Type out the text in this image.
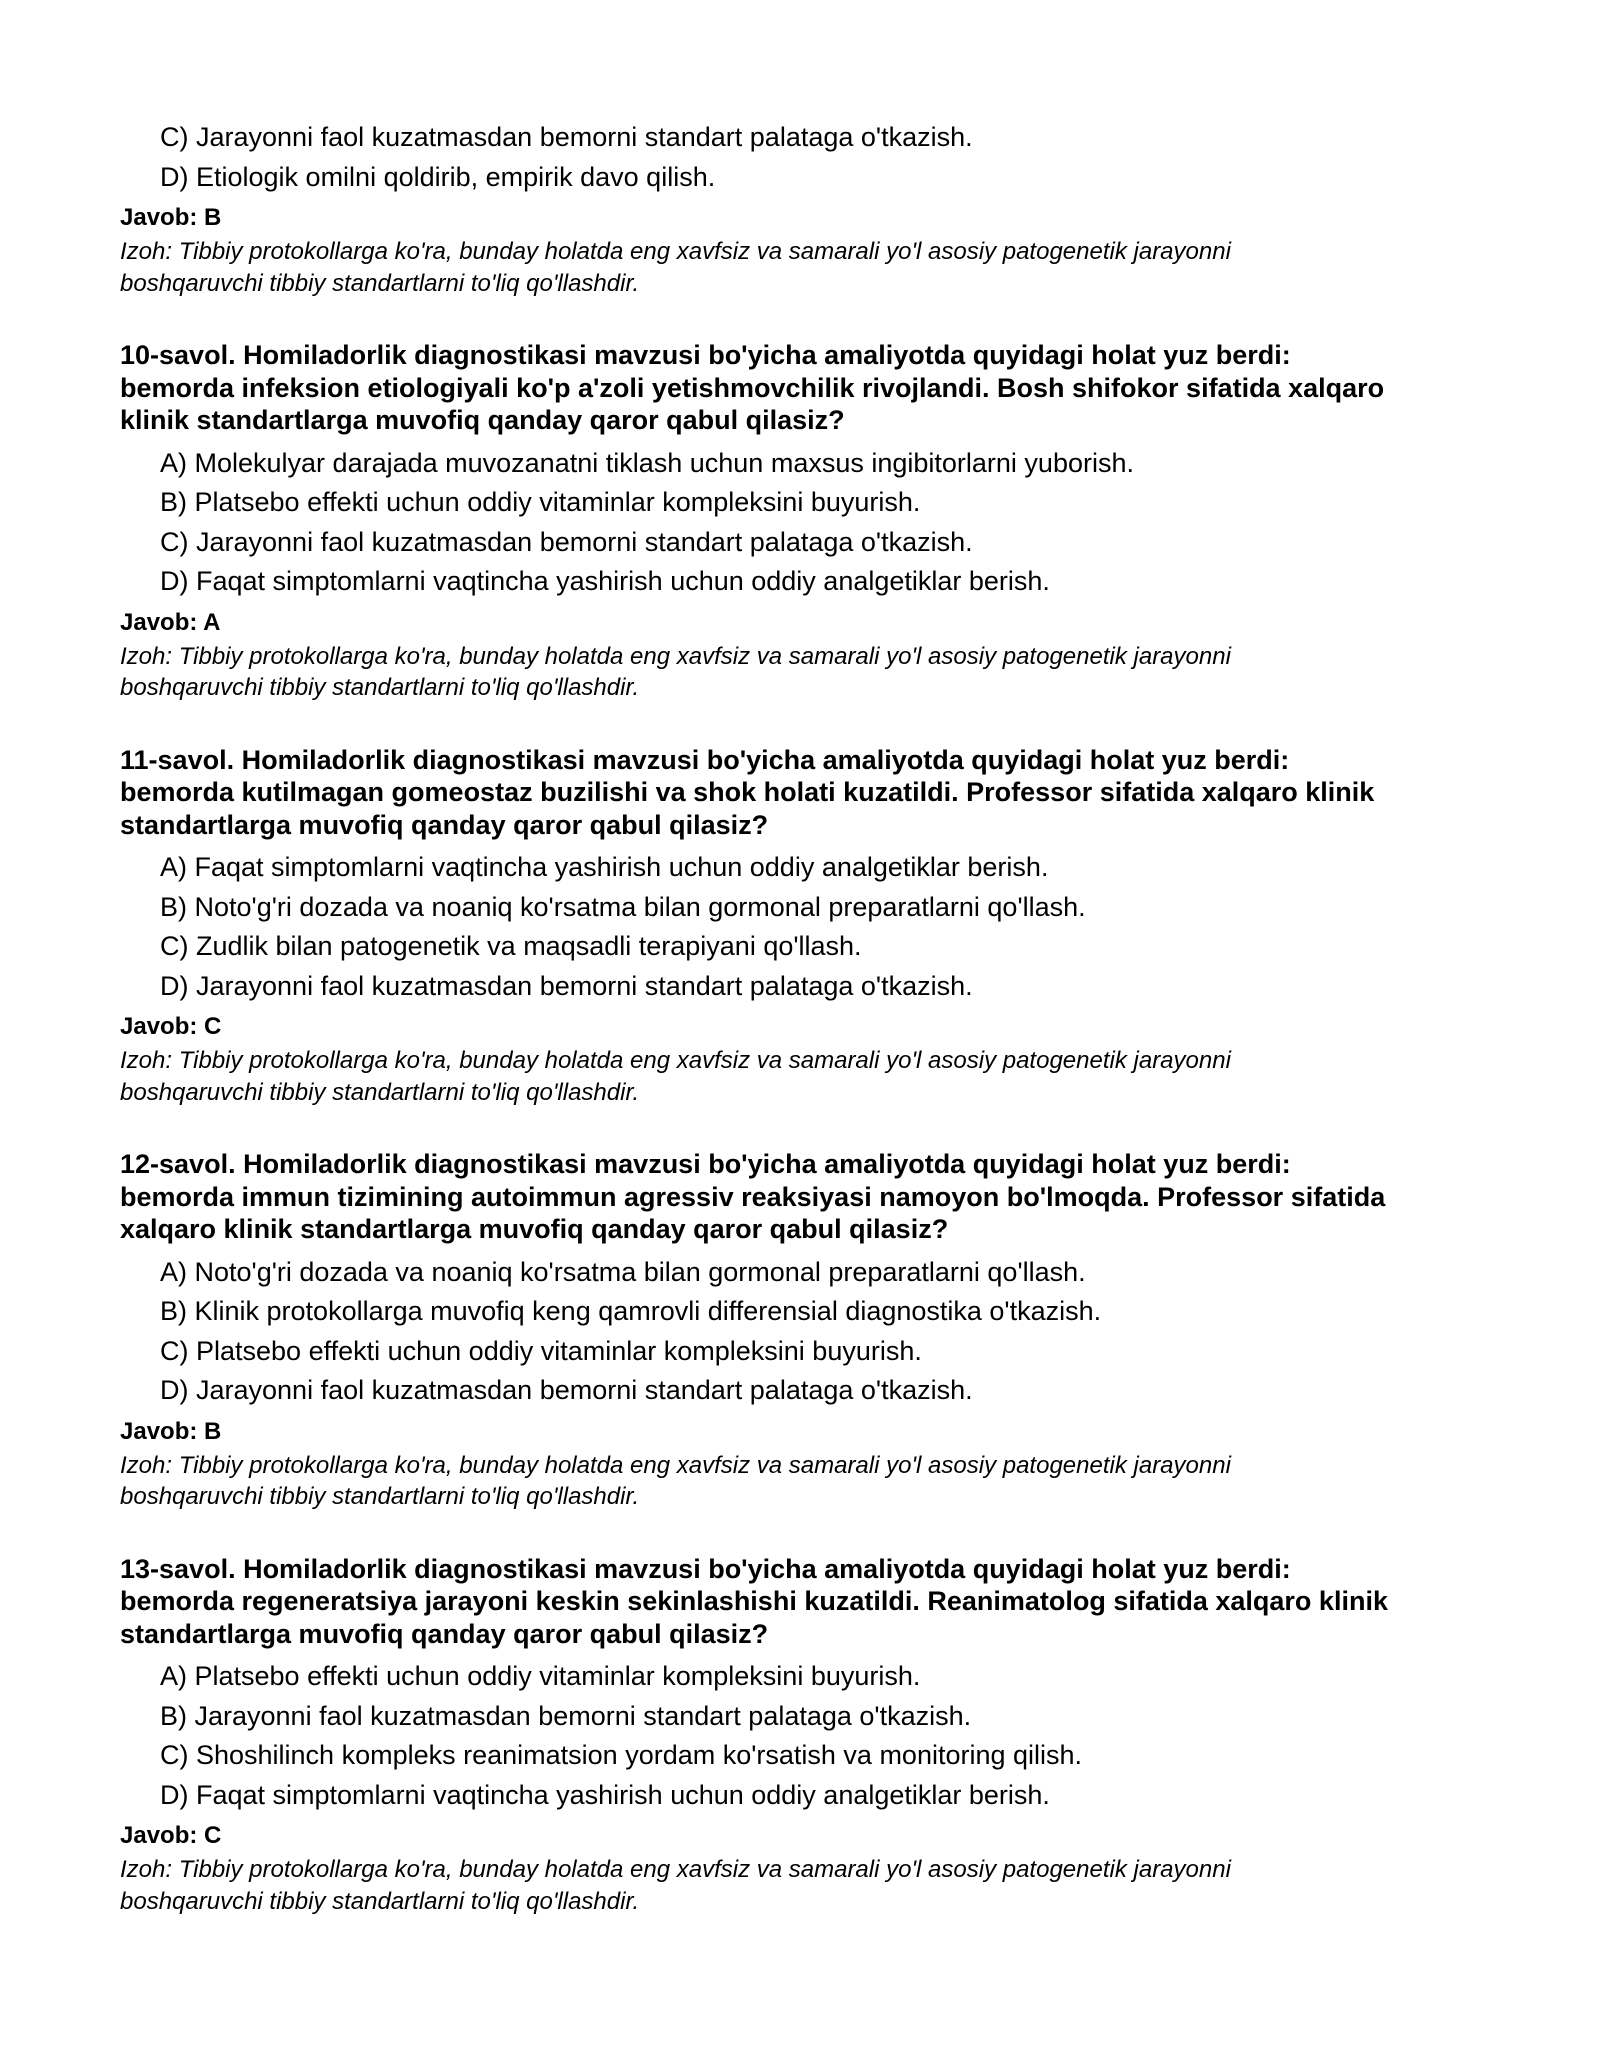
C) Jarayonni faol kuzatmasdan bemorni standart palataga o'tkazish.
D) Etiologik omilni qoldirib, empirik davo qilish.
Javob: B
Izoh: Tibbiy protokollarga ko'ra, bunday holatda eng xavfsiz va samarali yo'l asosiy patogenetik jarayonni
boshqaruvchi tibbiy standartlarni to'liq qo'llashdir.
10-savol. Homiladorlik diagnostikasi mavzusi bo'yicha amaliyotda quyidagi holat yuz berdi:
bemorda infeksion etiologiyali ko'p a'zoli yetishmovchilik rivojlandi. Bosh shifokor sifatida xalqaro
klinik standartlarga muvofiq qanday qaror qabul qilasiz?
A) Molekulyar darajada muvozanatni tiklash uchun maxsus ingibitorlarni yuborish.
B) Platsebo effekti uchun oddiy vitaminlar kompleksini buyurish.
C) Jarayonni faol kuzatmasdan bemorni standart palataga o'tkazish.
D) Faqat simptomlarni vaqtincha yashirish uchun oddiy analgetiklar berish.
Javob: A
Izoh: Tibbiy protokollarga ko'ra, bunday holatda eng xavfsiz va samarali yo'l asosiy patogenetik jarayonni
boshqaruvchi tibbiy standartlarni to'liq qo'llashdir.
11-savol. Homiladorlik diagnostikasi mavzusi bo'yicha amaliyotda quyidagi holat yuz berdi:
bemorda kutilmagan gomeostaz buzilishi va shok holati kuzatildi. Professor sifatida xalqaro klinik
standartlarga muvofiq qanday qaror qabul qilasiz?
A) Faqat simptomlarni vaqtincha yashirish uchun oddiy analgetiklar berish.
B) Noto'g'ri dozada va noaniq ko'rsatma bilan gormonal preparatlarni qo'llash.
C) Zudlik bilan patogenetik va maqsadli terapiyani qo'llash.
D) Jarayonni faol kuzatmasdan bemorni standart palataga o'tkazish.
Javob: C
Izoh: Tibbiy protokollarga ko'ra, bunday holatda eng xavfsiz va samarali yo'l asosiy patogenetik jarayonni
boshqaruvchi tibbiy standartlarni to'liq qo'llashdir.
12-savol. Homiladorlik diagnostikasi mavzusi bo'yicha amaliyotda quyidagi holat yuz berdi:
bemorda immun tizimining autoimmun agressiv reaksiyasi namoyon bo'lmoqda. Professor sifatida
xalqaro klinik standartlarga muvofiq qanday qaror qabul qilasiz?
A) Noto'g'ri dozada va noaniq ko'rsatma bilan gormonal preparatlarni qo'llash.
B) Klinik protokollarga muvofiq keng qamrovli differensial diagnostika o'tkazish.
C) Platsebo effekti uchun oddiy vitaminlar kompleksini buyurish.
D) Jarayonni faol kuzatmasdan bemorni standart palataga o'tkazish.
Javob: B
Izoh: Tibbiy protokollarga ko'ra, bunday holatda eng xavfsiz va samarali yo'l asosiy patogenetik jarayonni
boshqaruvchi tibbiy standartlarni to'liq qo'llashdir.
13-savol. Homiladorlik diagnostikasi mavzusi bo'yicha amaliyotda quyidagi holat yuz berdi:
bemorda regeneratsiya jarayoni keskin sekinlashishi kuzatildi. Reanimatolog sifatida xalqaro klinik
standartlarga muvofiq qanday qaror qabul qilasiz?
A) Platsebo effekti uchun oddiy vitaminlar kompleksini buyurish.
B) Jarayonni faol kuzatmasdan bemorni standart palataga o'tkazish.
C) Shoshilinch kompleks reanimatsion yordam ko'rsatish va monitoring qilish.
D) Faqat simptomlarni vaqtincha yashirish uchun oddiy analgetiklar berish.
Javob: C
Izoh: Tibbiy protokollarga ko'ra, bunday holatda eng xavfsiz va samarali yo'l asosiy patogenetik jarayonni
boshqaruvchi tibbiy standartlarni to'liq qo'llashdir.
